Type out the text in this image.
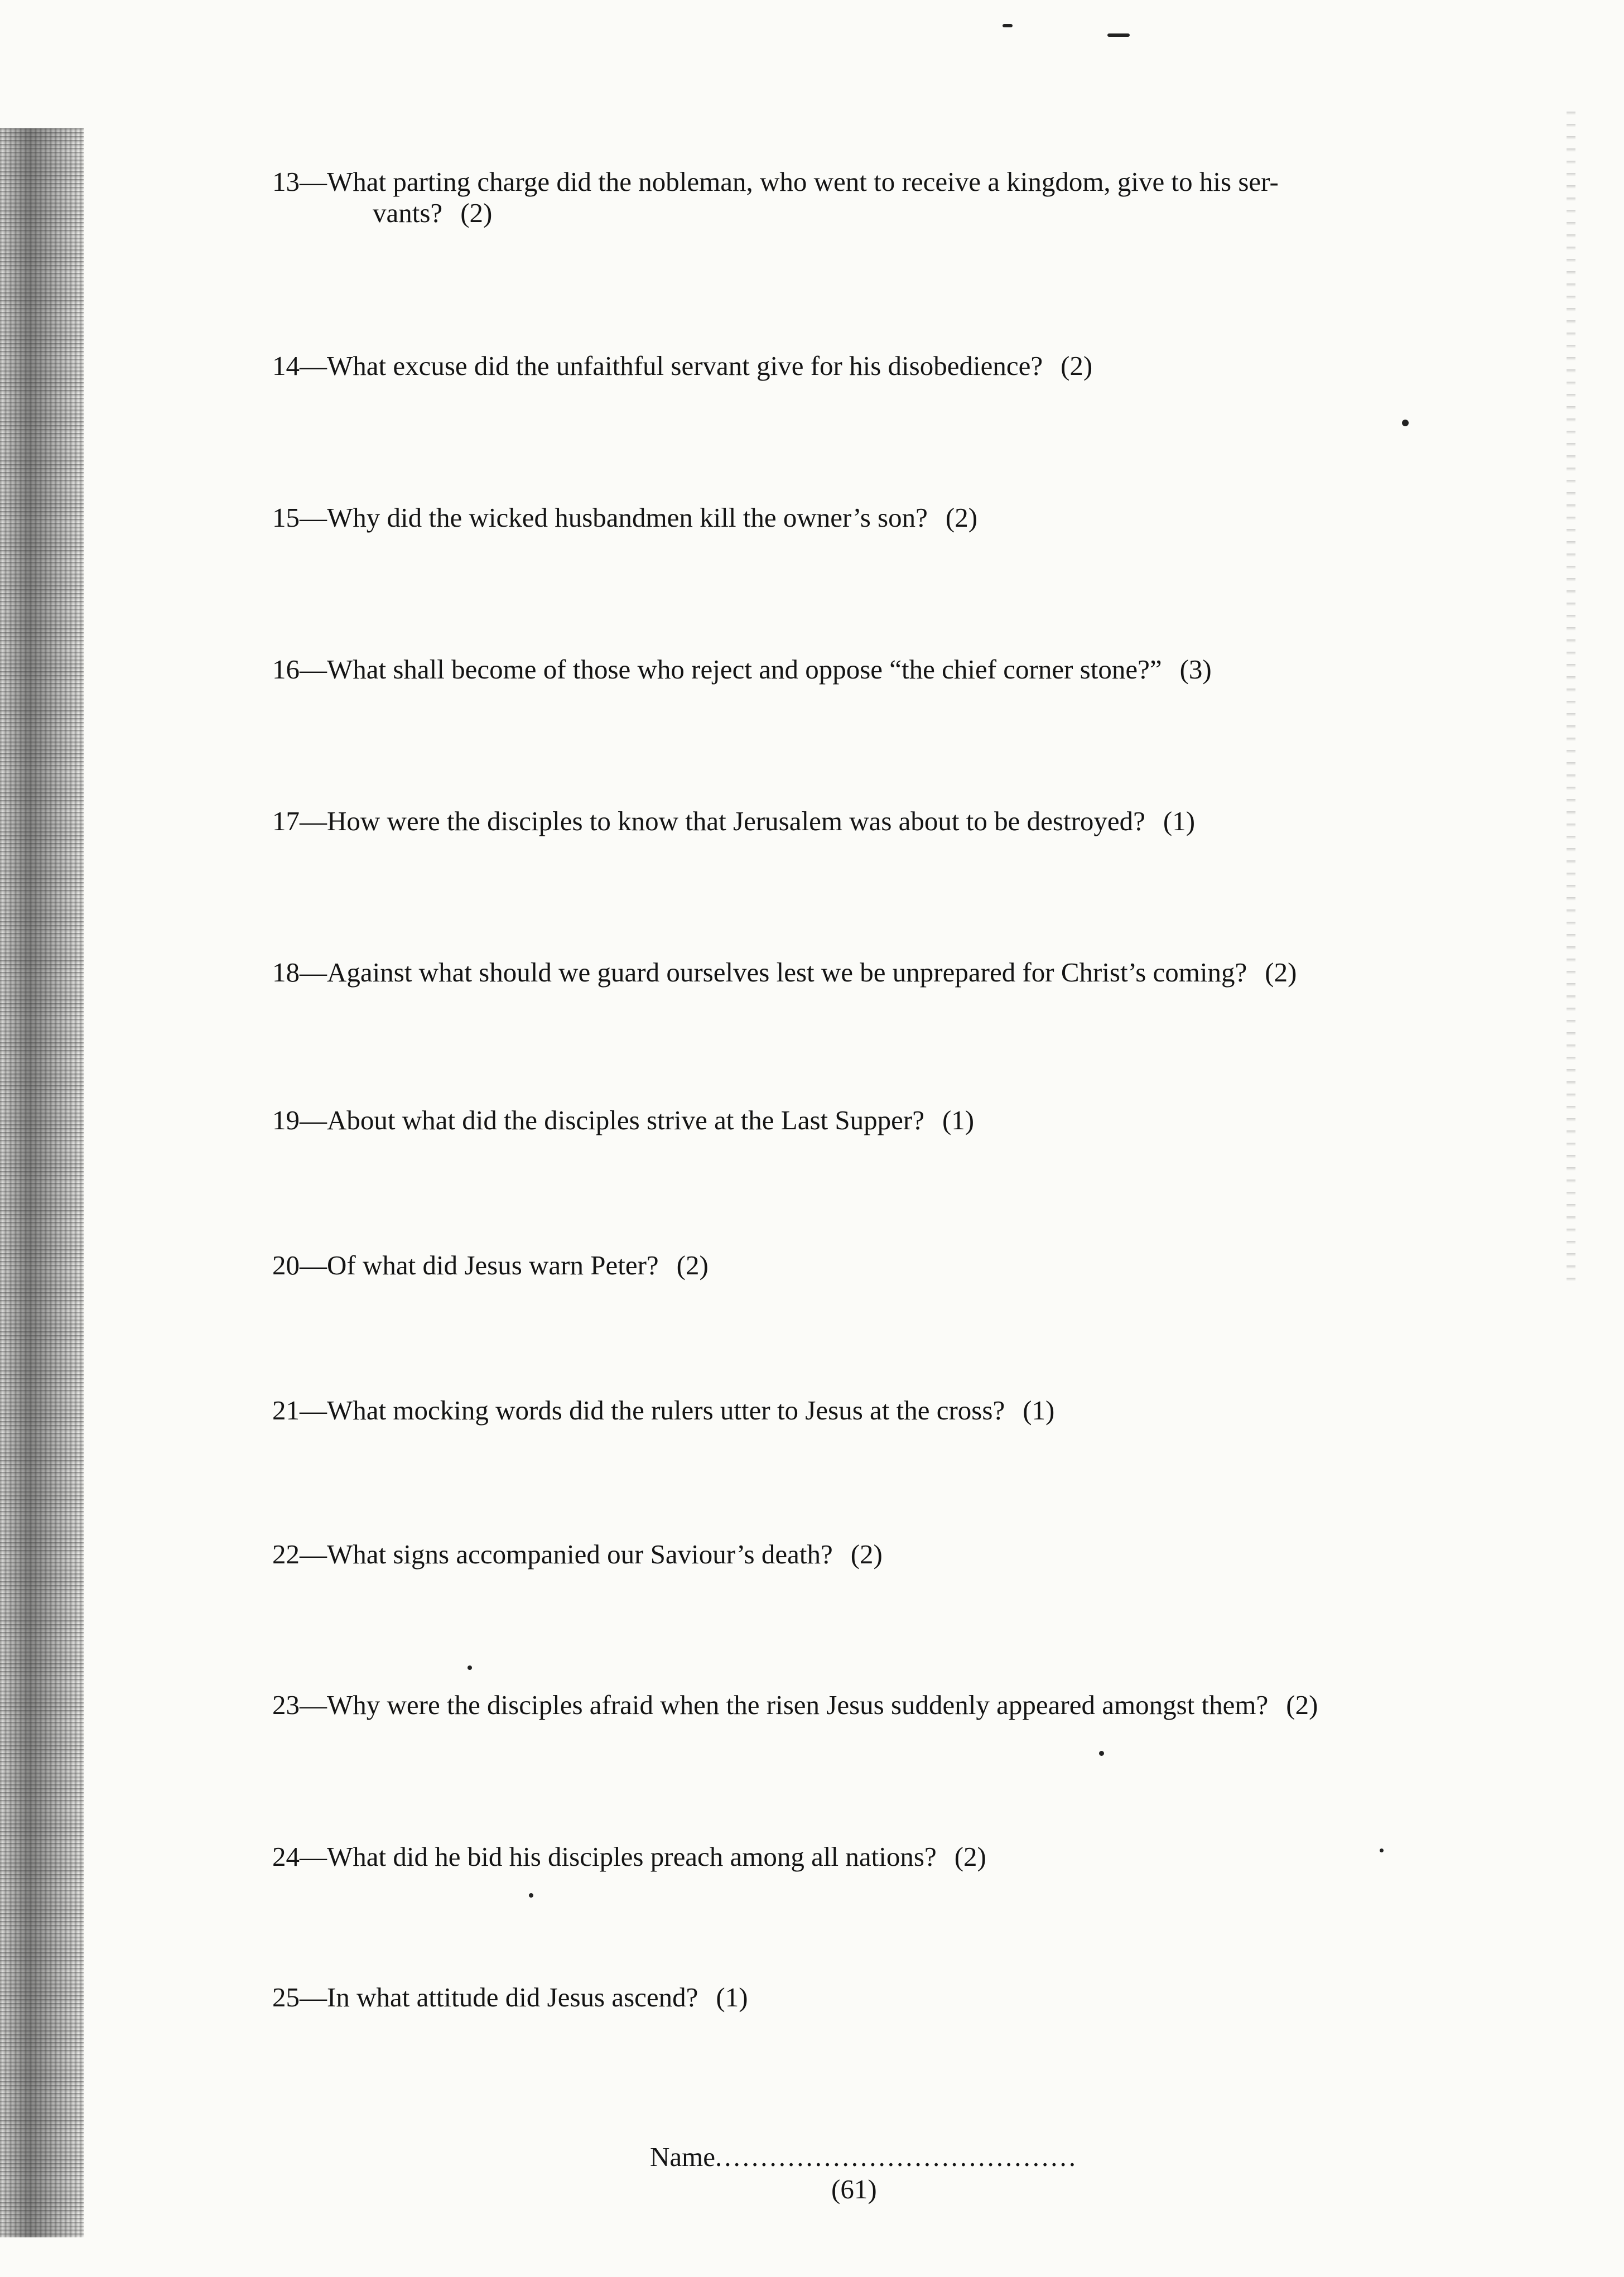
13—What parting charge did the nobleman, who went to receive a kingdom, give to his ser-
vants? (2)
14—What excuse did the unfaithful servant give for his disobedience? (2)
15—Why did the wicked husbandmen kill the owner’s son? (2)
16—What shall become of those who reject and oppose “the chief corner stone?” (3)
17—How were the disciples to know that Jerusalem was about to be destroyed? (1)
18—Against what should we guard ourselves lest we be unprepared for Christ’s coming? (2)
19—About what did the disciples strive at the Last Supper? (1)
20—Of what did Jesus warn Peter? (2)
21—What mocking words did the rulers utter to Jesus at the cross? (1)
22—What signs accompanied our Saviour’s death? (2)
23—Why were the disciples afraid when the risen Jesus suddenly appeared amongst them? (2)
24—What did he bid his disciples preach among all nations? (2)
25—In what attitude did Jesus ascend? (1)
Name........................................
(61)
